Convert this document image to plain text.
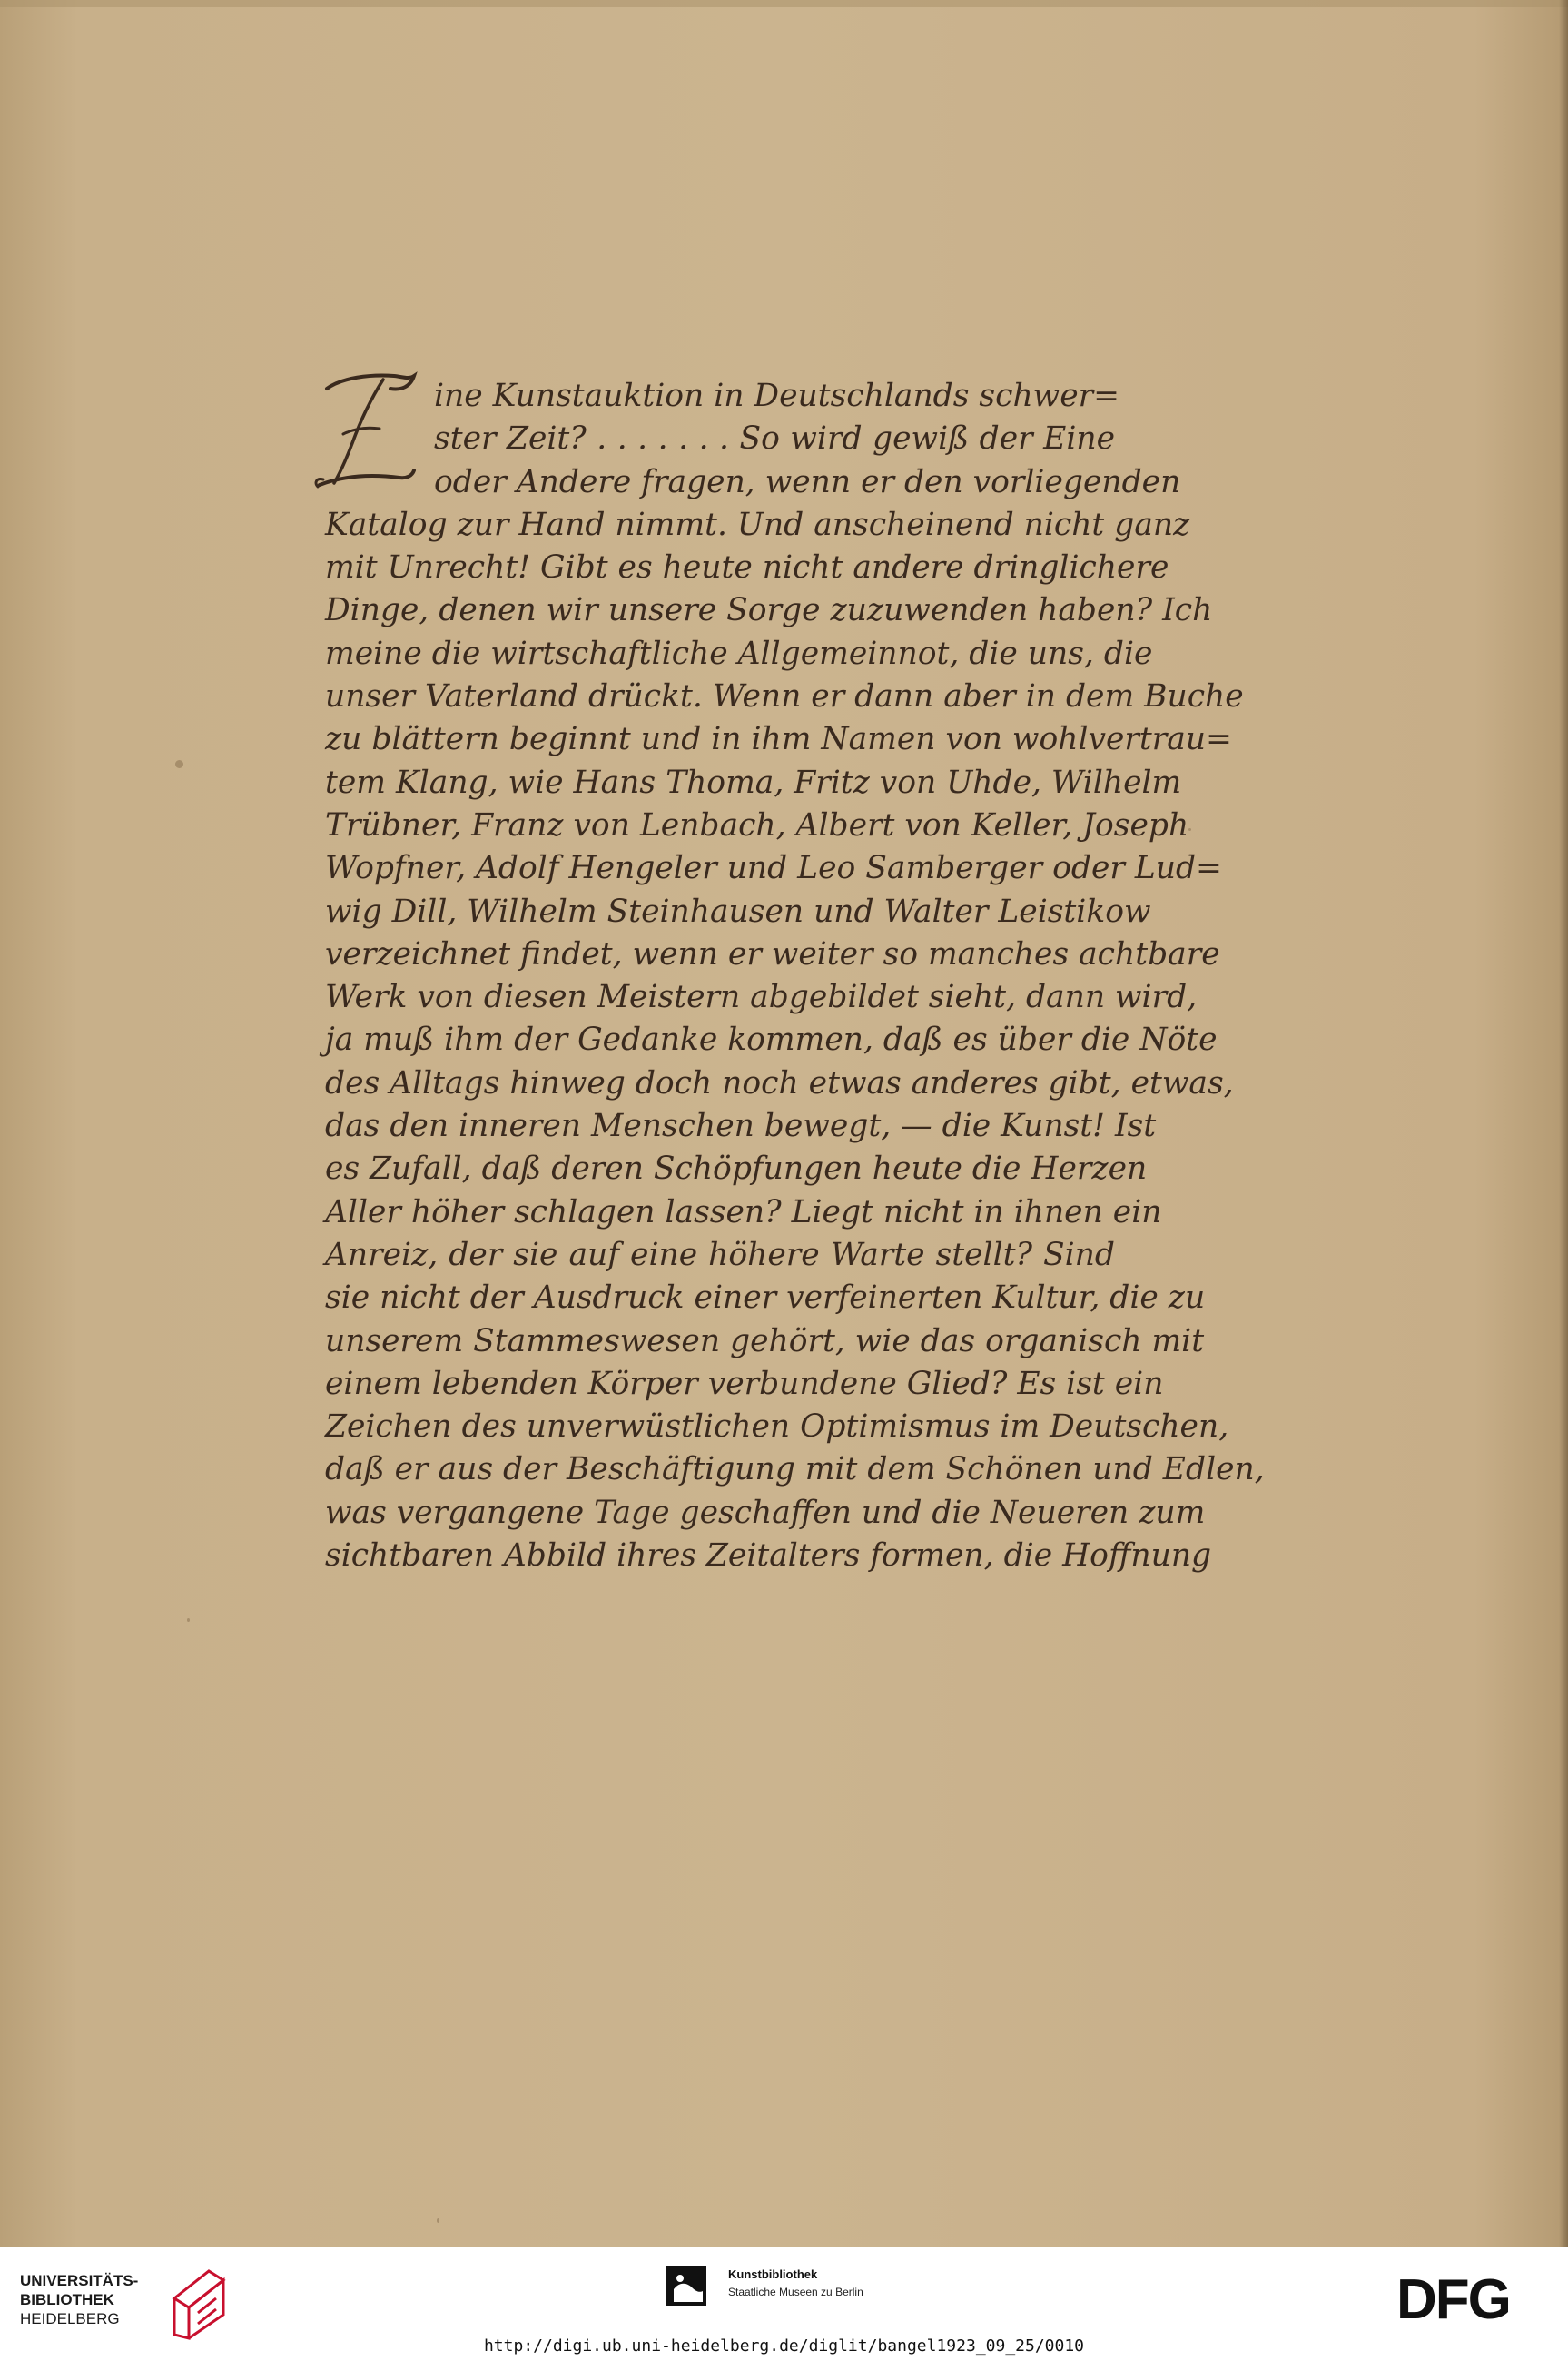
E
ine Kunstauktion in Deutschlands schwer=
ster Zeit? . . . . . . . So wird gewiß der Eine
oder Andere fragen, wenn er den vorliegenden
Katalog zur Hand nimmt. Und anscheinend nicht ganz
mit Unrecht! Gibt es heute nicht andere dringlichere
Dinge, denen wir unsere Sorge zuzuwenden haben? Ich
meine die wirtschaftliche Allgemeinnot, die uns, die
unser Vaterland drückt. Wenn er dann aber in dem Buche
zu blättern beginnt und in ihm Namen von wohlvertrau=
tem Klang, wie Hans Thoma, Fritz von Uhde, Wilhelm
Trübner, Franz von Lenbach, Albert von Keller, Joseph
Wopfner, Adolf Hengeler und Leo Samberger oder Lud=
wig Dill, Wilhelm Steinhausen und Walter Leistikow
verzeichnet findet, wenn er weiter so manches achtbare
Werk von diesen Meistern abgebildet sieht, dann wird,
ja muß ihm der Gedanke kommen, daß es über die Nöte
des Alltags hinweg doch noch etwas anderes gibt, etwas,
das den inneren Menschen bewegt, — die Kunst! Ist
es Zufall, daß deren Schöpfungen heute die Herzen
Aller höher schlagen lassen? Liegt nicht in ihnen ein
Anreiz, der sie auf eine höhere Warte stellt? Sind
sie nicht der Ausdruck einer verfeinerten Kultur, die zu
unserem Stammeswesen gehört, wie das organisch mit
einem lebenden Körper verbundene Glied? Es ist ein
Zeichen des unverwüstlichen Optimismus im Deutschen,
daß er aus der Beschäftigung mit dem Schönen und Edlen,
was vergangene Tage geschaffen und die Neueren zum
sichtbaren Abbild ihres Zeitalters formen, die Hoffnung
UNIVERSITÄTS-
BIBLIOTHEK
HEIDELBERG
Kunstbibliothek
Staatliche Museen zu Berlin	DFG
http://digi.ub.uni-heidelberg.de/diglit/bangel1923_09_25/0010
